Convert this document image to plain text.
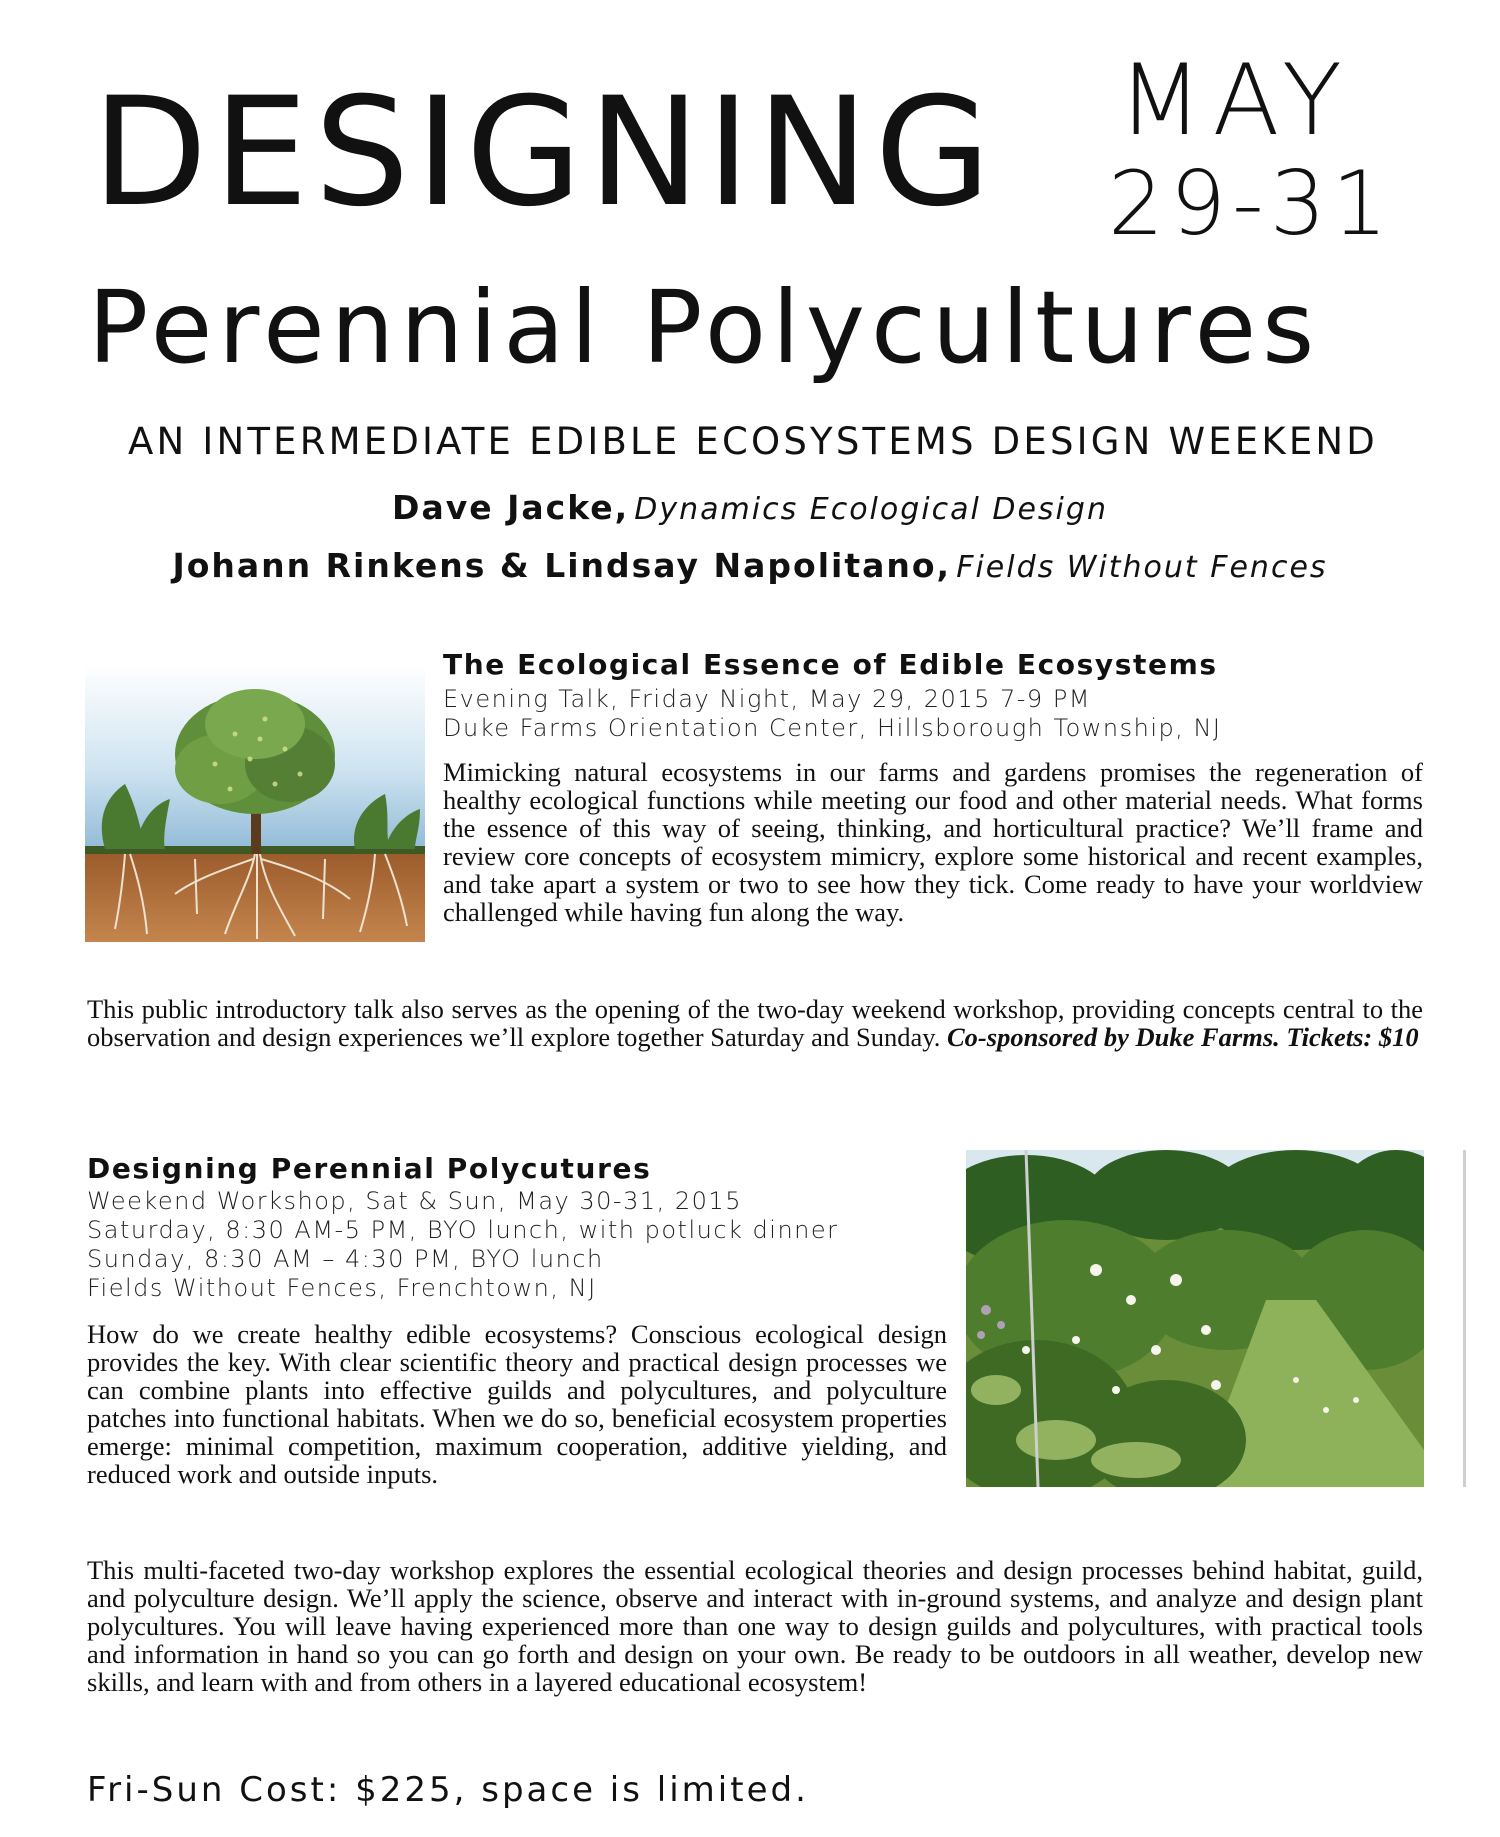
DESIGNING MAY
29-31
Perennial Polycultures
AN INTERMEDIATE EDIBLE ECOSYSTEMS DESIGN WEEKEND
Dave Jacke, Dynamics Ecological Design
Johann Rinkens & Lindsay Napolitano, Fields Without Fences
The Ecological Essence of Edible Ecosystems
Evening Talk, Friday Night, May 29, 2015 7-9 PM
Duke Farms Orientation Center, Hillsborough Township, NJ
Mimicking natural ecosystems in our farms and gardens promises the regeneration of healthy ecological functions while meeting our food and other material needs. What forms the essence of this way of seeing, thinking, and horticultural practice? We’ll frame and review core concepts of ecosystem mimicry, explore some historical and recent examples, and take apart a system or two to see how they tick. Come ready to have your worldview challenged while having fun along the way.
This public introductory talk also serves as the opening of the two-day weekend workshop, providing concepts central to the observation and design experiences we’ll explore together Saturday and Sunday. Co-sponsored by Duke Farms. Tickets: $10
Designing Perennial Polycutures
Weekend Workshop, Sat & Sun, May 30-31, 2015
Saturday, 8:30 AM-5 PM, BYO lunch, with potluck dinner
Sunday, 8:30 AM – 4:30 PM, BYO lunch
Fields Without Fences, Frenchtown, NJ
How do we create healthy edible ecosystems? Conscious ecological design provides the key. With clear scientific theory and practical design processes we can combine plants into effective guilds and polycultures, and polyculture patches into functional habitats. When we do so, beneficial ecosystem properties emerge: minimal competition, maximum cooperation, additive yielding, and reduced work and outside inputs.
This multi-faceted two-day workshop explores the essential ecological theories and design processes behind habitat, guild, and polyculture design. We’ll apply the science, observe and interact with in-ground systems, and analyze and design plant polycultures. You will leave having experienced more than one way to design guilds and polycultures, with practical tools and information in hand so you can go forth and design on your own. Be ready to be outdoors in all weather, develop new skills, and learn with and from others in a layered educational ecosystem!
Fri-Sun Cost: $225, space is limited.
